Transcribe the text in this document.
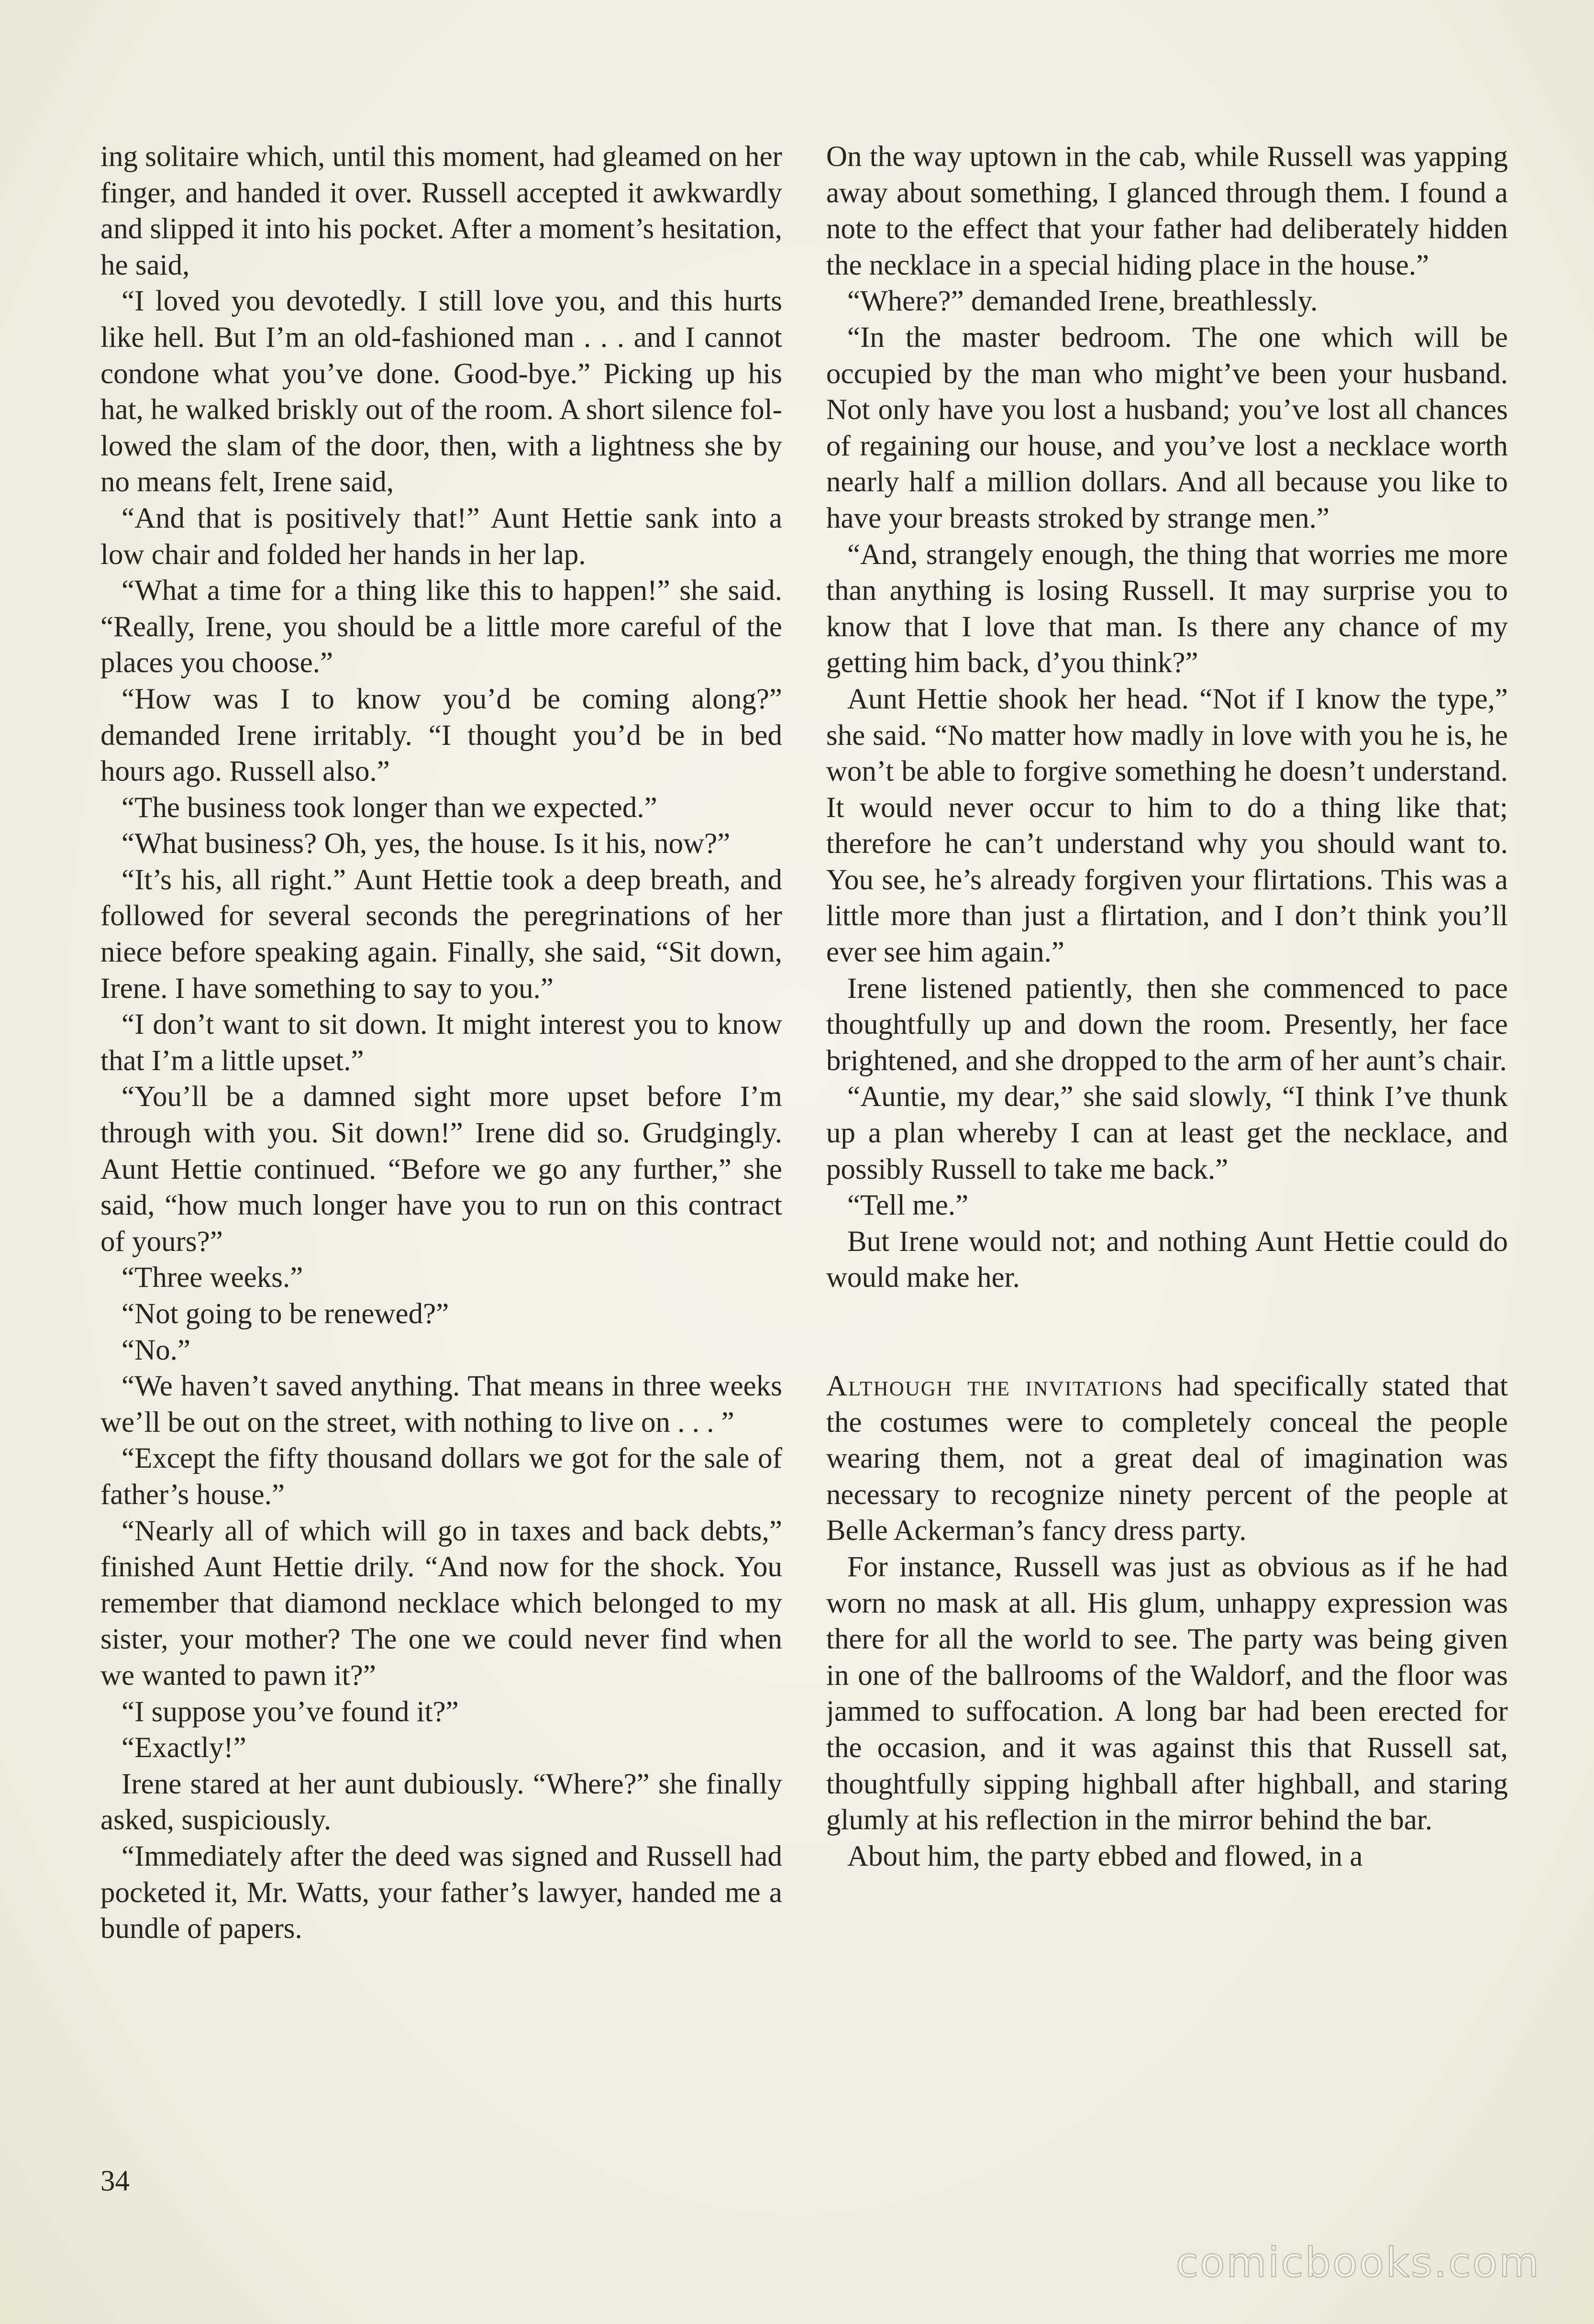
ing solitaire which, until this moment, had gleamed on her finger, and handed it over. Russell accepted it awkwardly and slipped it into his pocket. After a moment’s hesitation, he said,

“I loved you devotedly. I still love you, and this hurts like hell. But I’m an old-fashioned man . . . and I cannot condone what you’ve done. Good-bye.” Picking up his hat, he walked briskly out of the room. A short silence followed the slam of the door, then, with a lightness she by no means felt, Irene said,

“And that is positively that!” Aunt Hettie sank into a low chair and folded her hands in her lap.

“What a time for a thing like this to happen!” she said. “Really, Irene, you should be a little more careful of the places you choose.”

“How was I to know you’d be coming along?” demanded Irene irritably. “I thought you’d be in bed hours ago. Russell also.”

“The business took longer than we expected.”

“What business? Oh, yes, the house. Is it his, now?”

“It’s his, all right.” Aunt Hettie took a deep breath, and followed for several seconds the peregrinations of her niece before speaking again. Finally, she said, “Sit down, Irene. I have something to say to you.”

“I don’t want to sit down. It might interest you to know that I’m a little upset.”

“You’ll be a damned sight more upset before I’m through with you. Sit down!” Irene did so. Grudgingly. Aunt Hettie continued. “Before we go any further,” she said, “how much longer have you to run on this contract of yours?”

“Three weeks.”

“Not going to be renewed?”

“No.”

“We haven’t saved anything. That means in three weeks we’ll be out on the street, with nothing to live on . . . ”

“Except the fifty thousand dollars we got for the sale of father’s house.”

“Nearly all of which will go in taxes and back debts,” finished Aunt Hettie drily. “And now for the shock. You remember that diamond necklace which belonged to my sister, your mother? The one we could never find when we wanted to pawn it?”

“I suppose you’ve found it?”

“Exactly!”

Irene stared at her aunt dubiously. “Where?” she finally asked, suspiciously.

“Immediately after the deed was signed and Russell had pocketed it, Mr. Watts, your father’s lawyer, handed me a bundle of papers.

On the way uptown in the cab, while Russell was yapping away about something, I glanced through them. I found a note to the effect that your father had deliberately hidden the necklace in a special hiding place in the house.”

“Where?” demanded Irene, breathlessly.

“In the master bedroom. The one which will be occupied by the man who might’ve been your husband. Not only have you lost a husband; you’ve lost all chances of regaining our house, and you’ve lost a necklace worth nearly half a million dollars. And all because you like to have your breasts stroked by strange men.”

“And, strangely enough, the thing that worries me more than anything is losing Russell. It may surprise you to know that I love that man. Is there any chance of my getting him back, d’you think?”

Aunt Hettie shook her head. “Not if I know the type,” she said. “No matter how madly in love with you he is, he won’t be able to forgive something he doesn’t understand. It would never occur to him to do a thing like that; therefore he can’t understand why you should want to. You see, he’s already forgiven your flirtations. This was a little more than just a flirtation, and I don’t think you’ll ever see him again.”

Irene listened patiently, then she commenced to pace thoughtfully up and down the room. Presently, her face brightened, and she dropped to the arm of her aunt’s chair.

“Auntie, my dear,” she said slowly, “I think I’ve thunk up a plan whereby I can at least get the necklace, and possibly Russell to take me back.”

“Tell me.”

But Irene would not; and nothing Aunt Hettie could do would make her.

Although the invitations had specifically stated that the costumes were to completely conceal the people wearing them, not a great deal of imagination was necessary to recognize ninety percent of the people at Belle Ackerman’s fancy dress party.

For instance, Russell was just as obvious as if he had worn no mask at all. His glum, unhappy expression was there for all the world to see. The party was being given in one of the ballrooms of the Waldorf, and the floor was jammed to suffocation. A long bar had been erected for the occasion, and it was against this that Russell sat, thoughtfully sipping highball after highball, and staring glumly at his reflection in the mirror behind the bar.

About him, the party ebbed and flowed, in a

34
comicbooks.com
